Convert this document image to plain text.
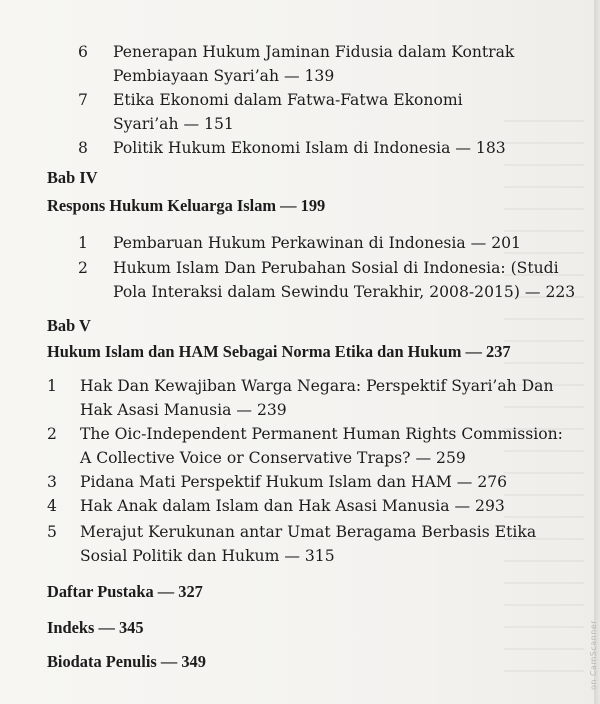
6 Penerapan Hukum Jaminan Fidusia dalam Kontrak
Pembiayaan Syari’ah — 139
7 Etika Ekonomi dalam Fatwa-Fatwa Ekonomi
Syari’ah — 151
8 Politik Hukum Ekonomi Islam di Indonesia — 183
Bab IV
Respons Hukum Keluarga Islam — 199
1 Pembaruan Hukum Perkawinan di Indonesia — 201
2 Hukum Islam Dan Perubahan Sosial di Indonesia: (Studi
Pola Interaksi dalam Sewindu Terakhir, 2008-2015) — 223
Bab V
Hukum Islam dan HAM Sebagai Norma Etika dan Hukum — 237
1 Hak Dan Kewajiban Warga Negara: Perspektif Syari’ah Dan
Hak Asasi Manusia — 239
2 The Oic-Independent Permanent Human Rights Commission:
A Collective Voice or Conservative Traps? — 259
3 Pidana Mati Perspektif Hukum Islam dan HAM — 276
4 Hak Anak dalam Islam dan Hak Asasi Manusia — 293
5 Merajut Kerukunan antar Umat Beragama Berbasis Etika
Sosial Politik dan Hukum — 315
Daftar Pustaka — 327
Indeks — 345
Biodata Penulis — 349	on CamScanner
